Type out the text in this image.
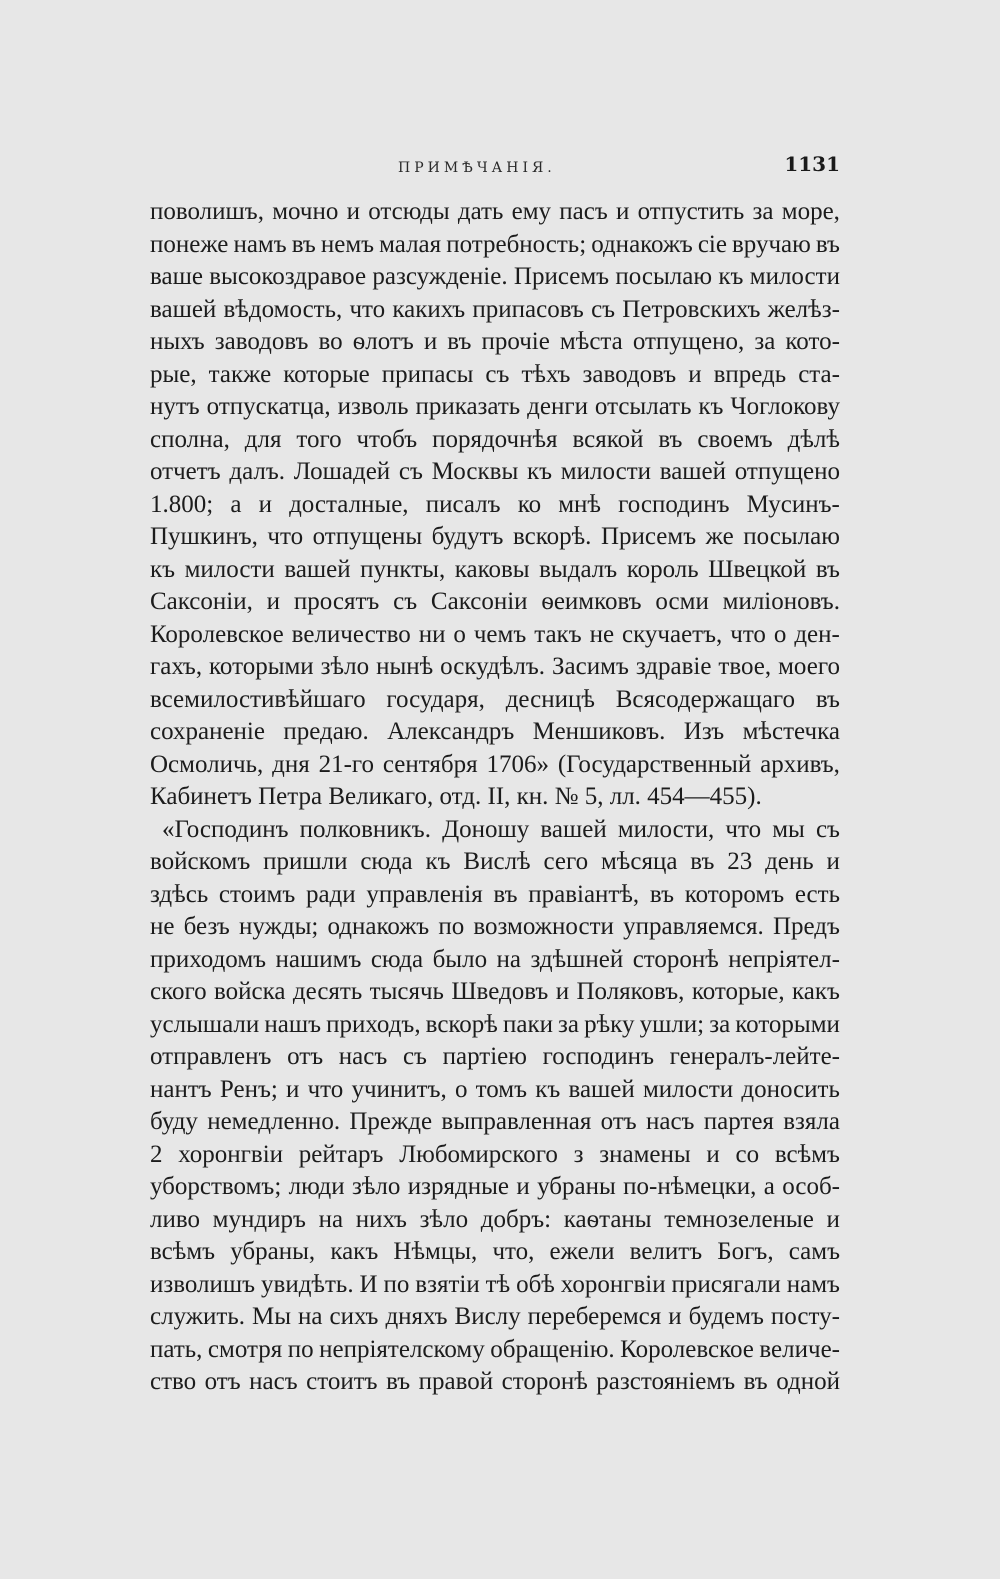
ПРИМѢЧАНІЯ.	1131
поволишъ, мочно и отсюды дать ему пасъ и отпустить за море,
понеже намъ въ немъ малая потребность; однакожъ сіе вручаю въ
ваше высокоздравое разсужденіе. Присемъ посылаю къ милости
вашей вѣдомость, что какихъ припасовъ съ Петровскихъ желѣз-
ныхъ заводовъ во ѳлотъ и въ прочіе мѣста отпущено, за кото-
рые, также которые припасы съ тѣхъ заводовъ и впредь ста-
нутъ отпускатца, изволь приказать денги отсылать къ Чоглокову
сполна, для того чтобъ порядочнѣя всякой въ своемъ дѣлѣ
отчетъ далъ. Лошадей съ Москвы къ милости вашей отпущено
1.800; а и досталные, писалъ ко мнѣ господинъ Мусинъ-
Пушкинъ, что отпущены будутъ вскорѣ. Присемъ же посылаю
къ милости вашей пункты, каковы выдалъ король Швецкой въ
Саксоніи, и просятъ съ Саксоніи ѳеимковъ осми миліоновъ.
Королевское величество ни о чемъ такъ не скучаетъ, что о ден-
гахъ, которыми зѣло нынѣ оскудѣлъ. Засимъ здравіе твое, моего
всемилостивѣйшаго государя, десницѣ Всясодержащаго въ
сохраненіе предаю. Александръ Меншиковъ. Изъ мѣстечка
Осмоличь, дня 21-го сентября 1706» (Государственный архивъ,
Кабинетъ Петра Великаго, отд. II, кн. № 5, лл. 454—455).
«Господинъ полковникъ. Доношу вашей милости, что мы съ
войскомъ пришли сюда къ Вислѣ сего мѣсяца въ 23 день и
здѣсь стоимъ ради управленія въ правіантѣ, въ которомъ есть
не безъ нужды; однакожъ по возможности управляемся. Предъ
приходомъ нашимъ сюда было на здѣшней сторонѣ непріятел-
ского войска десять тысячь Шведовъ и Поляковъ, которые, какъ
услышали нашъ приходъ, вскорѣ паки за рѣку ушли; за которыми
отправленъ отъ насъ съ партіею господинъ генералъ-лейте-
нантъ Ренъ; и что учинитъ, о томъ къ вашей милости доносить
буду немедленно. Прежде выправленная отъ насъ партея взяла
2 хоронгвіи рейтаръ Любомирского з знамены и со всѣмъ
уборствомъ; люди зѣло изрядные и убраны по-нѣмецки, а особ-
ливо мундиръ на нихъ зѣло добръ: каѳтаны темнозеленые и
всѣмъ убраны, какъ Нѣмцы, что, ежели велитъ Богъ, самъ
изволишъ увидѣть. И по взятіи тѣ обѣ хоронгвіи присягали намъ
служить. Мы на сихъ дняхъ Вислу переберемся и будемъ посту-
пать, смотря по непріятелскому обращенію. Королевское величе-
ство отъ насъ стоитъ въ правой сторонѣ разстояніемъ въ одной
